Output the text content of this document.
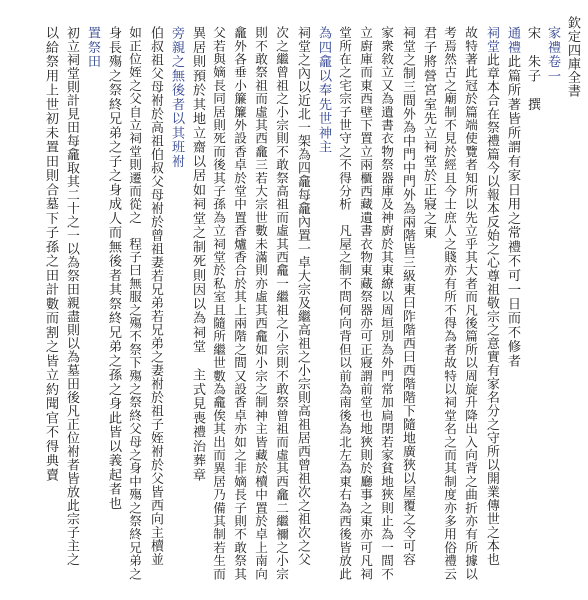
欽定四庫全書
家禮卷一
宋　朱子　撰
通禮此篇所著皆所謂有家日用之常禮不可一日而不修者
祠堂此章本合在祭禮篇今以報本反始之心尊祖敬宗之意實有家名分之守所以開業傳世之本也
故特著此冠於篇端使覽者知所以先立乎其大者而凡後篇所以周旋升降出入向背之曲折亦有所據以
考焉然古之廟制不見於經且今士庶人之賤亦有所不得為者故特以祠堂名之而其制度亦多用俗禮云
君子將營宮室先立祠堂於正寢之東
祠堂之制三間外為中門中門外為兩階皆三級東曰阼階西曰西階階下隨地廣狹以屋覆之令可容
家衆敘立又為遺書衣物祭器庫及神廚於其東繚以周垣別為外門常加扃閉若家貧地狹則止為一間不
立廚庫而東西壁下置立兩櫃西藏遺書衣物東藏祭器亦可正寢謂前堂也地狹則於廳事之東亦可凡祠
堂所在之宅宗子世守之不得分析　凡屋之制不問何向背但以前為南後為北左為東右為西後皆放此
為四龕以奉先世神主
祠堂之內以近北一架為四龕每龕內置一卓大宗及繼高祖之小宗則高祖居西曾祖次之祖次之父
次之繼曾祖之小宗則不敢祭高祖而虛其西龕一繼祖之小宗則不敢祭曾祖而虛其西龕二繼禰之小宗
則不敢祭祖而虛其西龕三若大宗世數未滿則亦虛其西龕如小宗之制神主皆藏於櫝中置於卓上南向
龕外各垂小簾簾外設香卓於堂中置香爐香合於其上兩階之間又設香卓亦如之非嫡長子則不敢祭其
父若與嫡長同居則死而後其子孫為立祠堂於私室且隨所繼世數為龕俟其出而異居乃備其制若生而
異居則預於其地立齋以居如祠堂之制死則因以為祠堂　主式見喪禮治葬章
旁親之無後者以其班祔
伯叔祖父母祔於高祖伯叔父母祔於曾祖妻若兄弟若兄弟之妻祔於祖子姪祔於父皆西向主櫝並
如正位姪之父自立祠堂則遷而從之　程子曰無服之殤不祭下殤之祭終父母之身中殤之祭終兄弟之
身長殤之祭終兄弟之子之身成人而無後者其祭終兄弟之孫之身此皆以義起者也
置祭田
初立祠堂則計見田每龕取其二十之一以為祭田親盡則以為墓田後凡正位祔者皆放此宗子主之
以給祭用上世初未置田則合墓下子孫之田計數而割之皆立約聞官不得典賣
